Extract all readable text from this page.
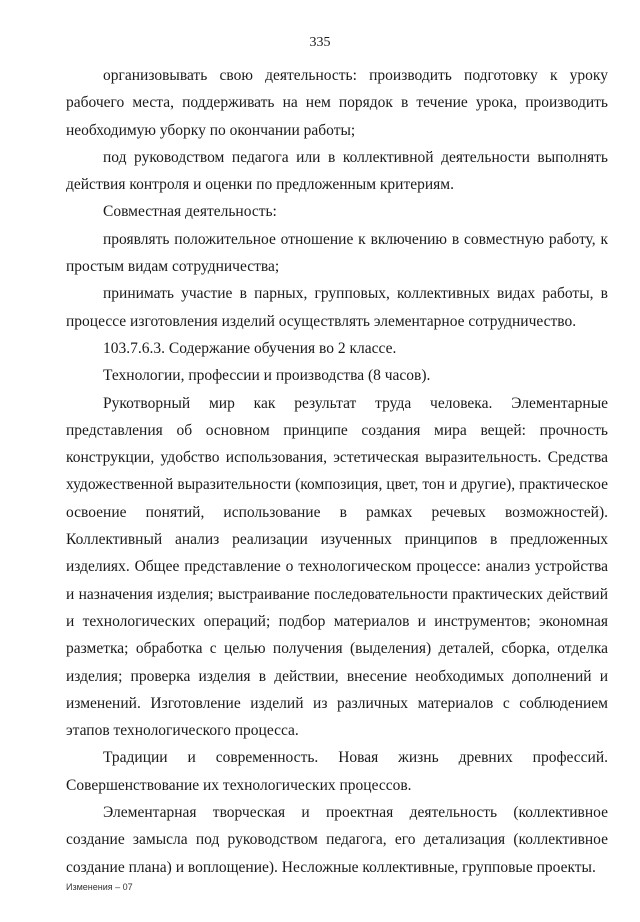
335

организовывать свою деятельность: производить подготовку к уроку рабочего места, поддерживать на нем порядок в течение урока, производить необходимую уборку по окончании работы;

под руководством педагога или в коллективной деятельности выполнять действия контроля и оценки по предложенным критериям.

Совместная деятельность:

проявлять положительное отношение к включению в совместную работу, к простым видам сотрудничества;

принимать участие в парных, групповых, коллективных видах работы, в процессе изготовления изделий осуществлять элементарное сотрудничество.

103.7.6.3. Содержание обучения во 2 классе.

Технологии, профессии и производства (8 часов).

Рукотворный мир как результат труда человека. Элементарные представления об основном принципе создания мира вещей: прочность конструкции, удобство использования, эстетическая выразительность. Средства художественной выразительности (композиция, цвет, тон и другие), практическое освоение понятий, использование в рамках речевых возможностей). Коллективный анализ реализации изученных принципов в предложенных изделиях. Общее представление о технологическом процессе: анализ устройства и назначения изделия; выстраивание последовательности практических действий и технологических операций; подбор материалов и инструментов; экономная разметка; обработка с целью получения (выделения) деталей, сборка, отделка изделия; проверка изделия в действии, внесение необходимых дополнений и изменений. Изготовление изделий из различных материалов с соблюдением этапов технологического процесса.

Традиции и современность. Новая жизнь древних профессий. Совершенствование их технологических процессов.

Элементарная творческая и проектная деятельность (коллективное создание замысла под руководством педагога, его детализация (коллективное создание плана) и воплощение). Несложные коллективные, групповые проекты.

Изменения – 07
